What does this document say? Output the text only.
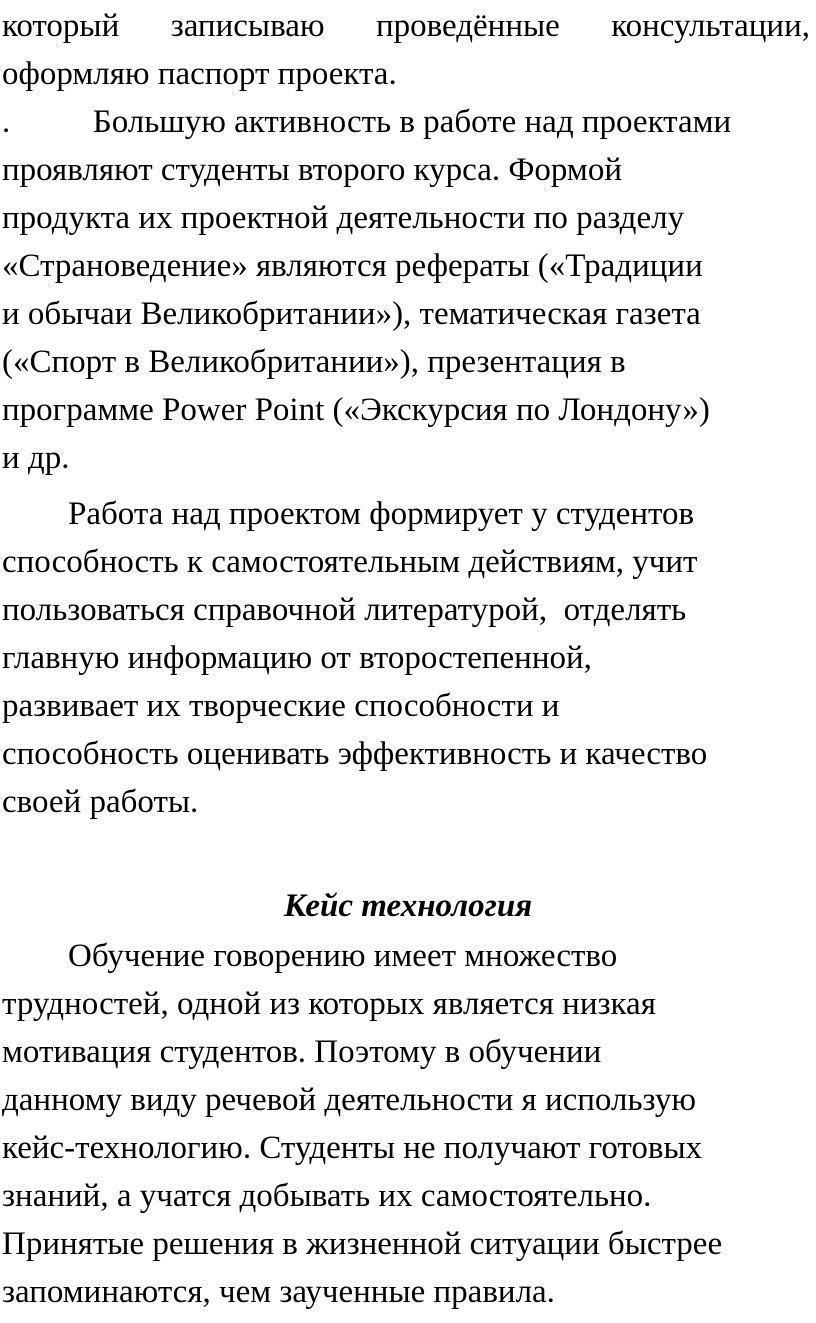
который записываю проведённые консультации,
оформляю паспорт проекта.
.          Большую активность в работе над проектами
проявляют студенты второго курса. Формой
продукта их проектной деятельности по разделу
«Страноведение» являются рефераты («Традиции
и обычаи Великобритании»), тематическая газета
(«Спорт в Великобритании»), презентация в
программе Power Point («Экскурсия по Лондону»)
и др.
Работа над проектом формирует у студентов
способность к самостоятельным действиям, учит
пользоваться справочной литературой,  отделять
главную информацию от второстепенной,
развивает их творческие способности и
способность оценивать эффективность и качество
своей работы.
Кейс технология
Обучение говорению имеет множество
трудностей, одной из которых является низкая
мотивация студентов. Поэтому в обучении
данному виду речевой деятельности я использую
кейс-технологию. Студенты не получают готовых
знаний, а учатся добывать их самостоятельно.
Принятые решения в жизненной ситуации быстрее
запоминаются, чем заученные правила.
